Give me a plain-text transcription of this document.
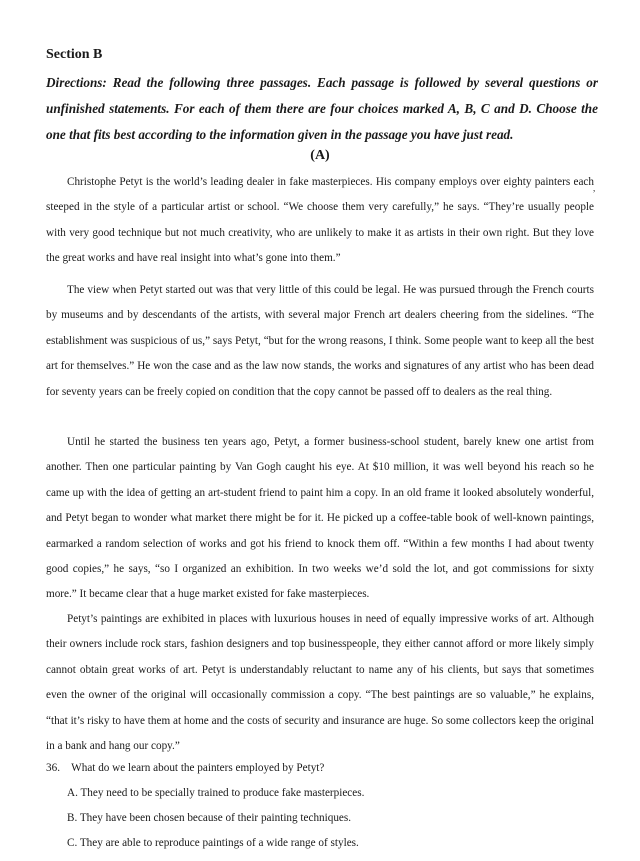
Section B
Directions: Read the following three passages. Each passage is followed by several questions or unfinished statements. For each of them there are four choices marked A, B, C and D. Choose the one that fits best according to the information given in the passage you have just read.
(A)

Christophe Petyt is the world’s leading dealer in fake masterpieces. His company employs over eighty painters each steeped in the style of a particular artist or school. “We choose them very carefully,” he says. “They’re usually people with very good technique but not much creativity, who are unlikely to make it as artists in their own right. But they love the great works and have real insight into what’s gone into them.”

,

The view when Petyt started out was that very little of this could be legal. He was pursued through the French courts by museums and by descendants of the artists, with several major French art dealers cheering from the sidelines. “The establishment was suspicious of us,” says Petyt, “but for the wrong reasons, I think. Some people want to keep all the best art for themselves.” He won the case and as the law now stands, the works and signatures of any artist who has been dead for seventy years can be freely copied on condition that the copy cannot be passed off to dealers as the real thing.

Until he started the business ten years ago, Petyt, a former business-school student, barely knew one artist from another. Then one particular painting by Van Gogh caught his eye. At $10 million, it was well beyond his reach so he came up with the idea of getting an art-student friend to paint him a copy. In an old frame it looked absolutely wonderful, and Petyt began to wonder what market there might be for it. He picked up a coffee-table book of well-known paintings, earmarked a random selection of works and got his friend to knock them off. “Within a few months I had about twenty good copies,” he says, “so I organized an exhibition. In two weeks we’d sold the lot, and got commissions for sixty more.” It became clear that a huge market existed for fake masterpieces.

Petyt’s paintings are exhibited in places with luxurious houses in need of equally impressive works of art. Although their owners include rock stars, fashion designers and top businesspeople, they either cannot afford or more likely simply cannot obtain great works of art. Petyt is understandably reluctant to name any of his clients, but says that sometimes even the owner of the original will occasionally commission a copy. “The best paintings are so valuable,” he explains, “that it’s risky to have them at home and the costs of security and insurance are huge. So some collectors keep the original in a bank and hang our copy.”

36. What do we learn about the painters employed by Petyt?
A. They need to be specially trained to produce fake masterpieces.
B. They have been chosen because of their painting techniques.
C. They are able to reproduce paintings of a wide range of styles.
